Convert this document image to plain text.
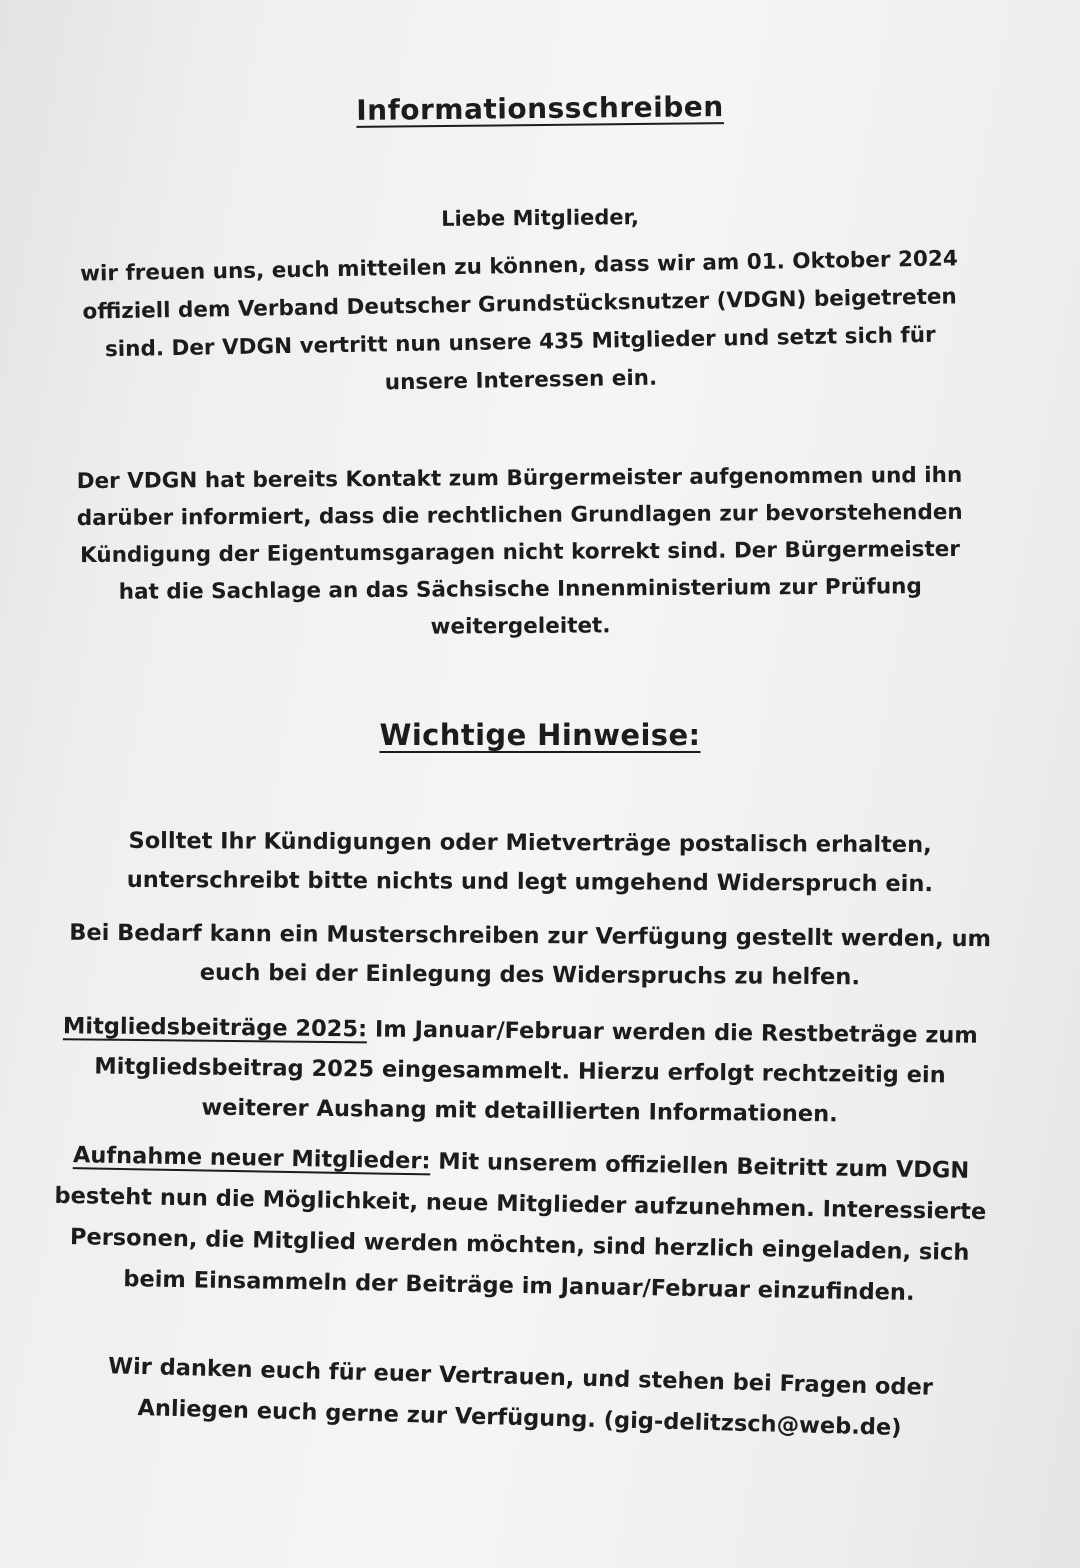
Informationsschreiben

Liebe Mitglieder,

wir freuen uns, euch mitteilen zu können, dass wir am 01. Oktober 2024 offiziell dem Verband Deutscher Grundstücksnutzer (VDGN) beigetreten sind. Der VDGN vertritt nun unsere 435 Mitglieder und setzt sich für unsere Interessen ein.

Der VDGN hat bereits Kontakt zum Bürgermeister aufgenommen und ihn darüber informiert, dass die rechtlichen Grundlagen zur bevorstehenden Kündigung der Eigentumsgaragen nicht korrekt sind. Der Bürgermeister hat die Sachlage an das Sächsische Innenministerium zur Prüfung weitergeleitet.

Wichtige Hinweise:

Solltet Ihr Kündigungen oder Mietverträge postalisch erhalten, unterschreibt bitte nichts und legt umgehend Widerspruch ein.

Bei Bedarf kann ein Musterschreiben zur Verfügung gestellt werden, um euch bei der Einlegung des Widerspruchs zu helfen.

Mitgliedsbeiträge 2025: Im Januar/Februar werden die Restbeträge zum Mitgliedsbeitrag 2025 eingesammelt. Hierzu erfolgt rechtzeitig ein weiterer Aushang mit detaillierten Informationen.

Aufnahme neuer Mitglieder: Mit unserem offiziellen Beitritt zum VDGN besteht nun die Möglichkeit, neue Mitglieder aufzunehmen. Interessierte Personen, die Mitglied werden möchten, sind herzlich eingeladen, sich beim Einsammeln der Beiträge im Januar/Februar einzufinden.

Wir danken euch für euer Vertrauen, und stehen bei Fragen oder Anliegen euch gerne zur Verfügung. (gig-delitzsch@web.de)
